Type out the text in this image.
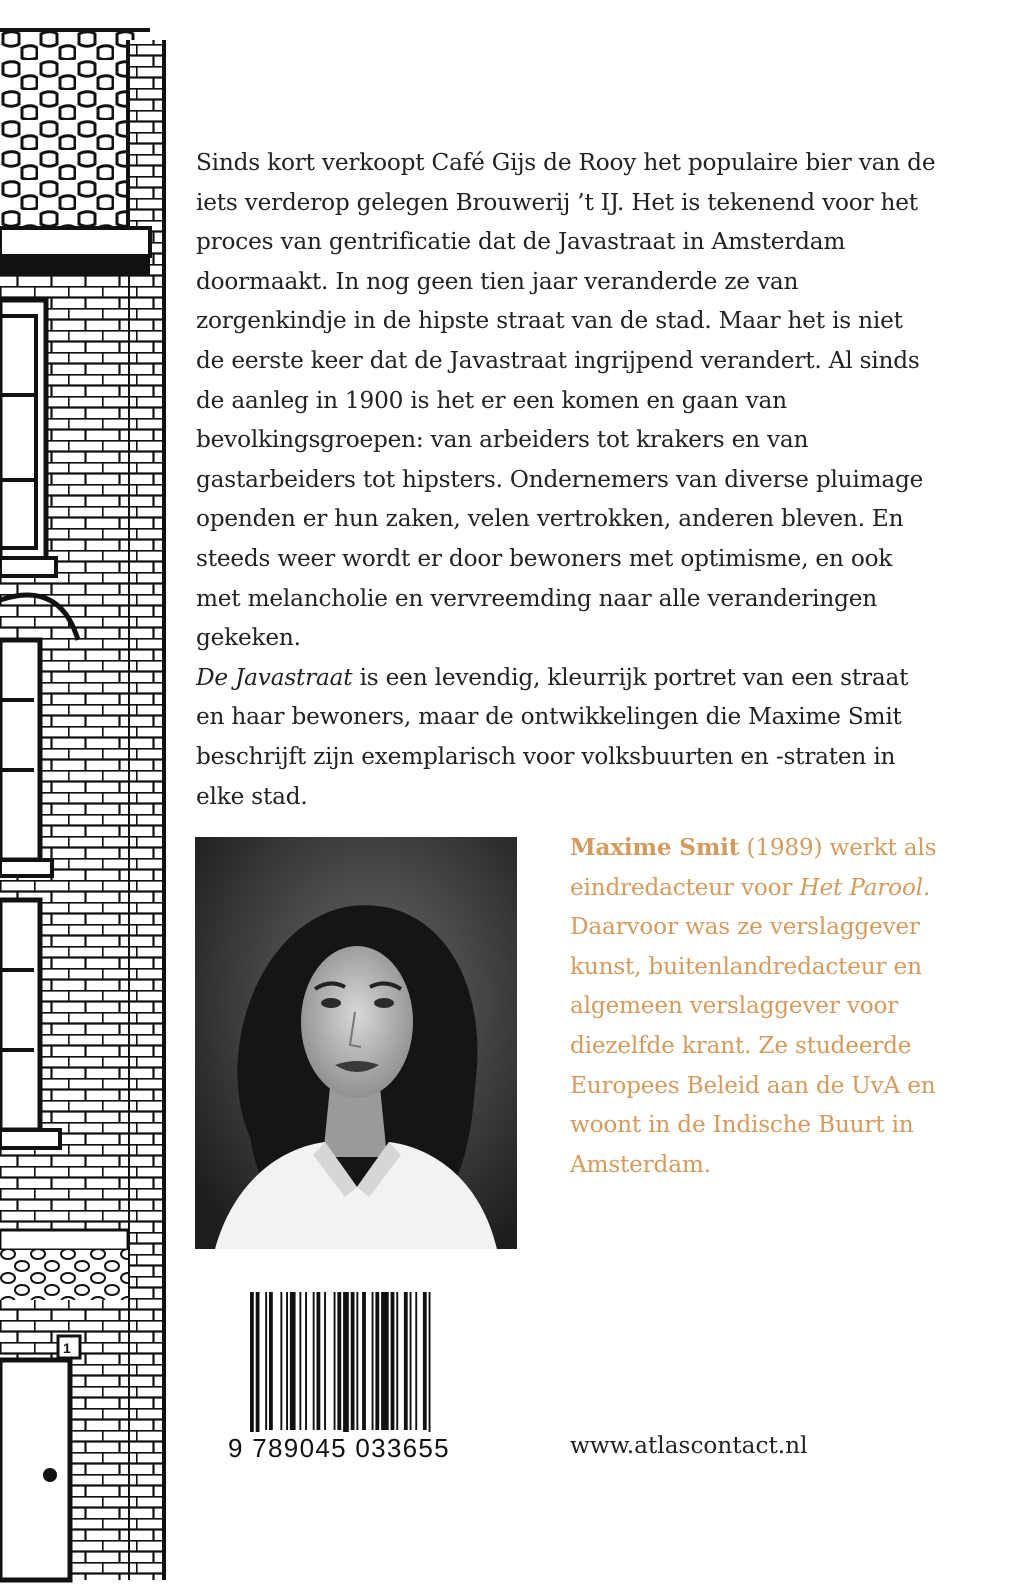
1

Sinds kort verkoopt Café Gijs de Rooy het populaire bier van de iets verderop gelegen Brouwerij ’t IJ. Het is tekenend voor het proces van gentrificatie dat de Javastraat in Amsterdam doormaakt. In nog geen tien jaar veranderde ze van zorgenkindje in de hipste straat van de stad. Maar het is niet de eerste keer dat de Javastraat ingrijpend verandert. Al sinds de aanleg in 1900 is het er een komen en gaan van bevolkingsgroepen: van arbeiders tot krakers en van gastarbeiders tot hipsters. Ondernemers van diverse pluimage openden er hun zaken, velen vertrokken, anderen bleven. En steeds weer wordt er door bewoners met optimisme, en ook met melancholie en vervreemding naar alle veranderingen gekeken.

De Javastraat is een levendig, kleurrijk portret van een straat en haar bewoners, maar de ontwikkelingen die Maxime Smit beschrijft zijn exemplarisch voor volksbuurten en -straten in elke stad.

Maxime Smit (1989) werkt als eindredacteur voor Het Parool. Daarvoor was ze verslaggever kunst, buitenlandredacteur en algemeen verslaggever voor diezelfde krant. Ze studeerde Europees Beleid aan de UvA en woont in de Indische Buurt in Amsterdam.

9 789045 033655	www.atlascontact.nl
